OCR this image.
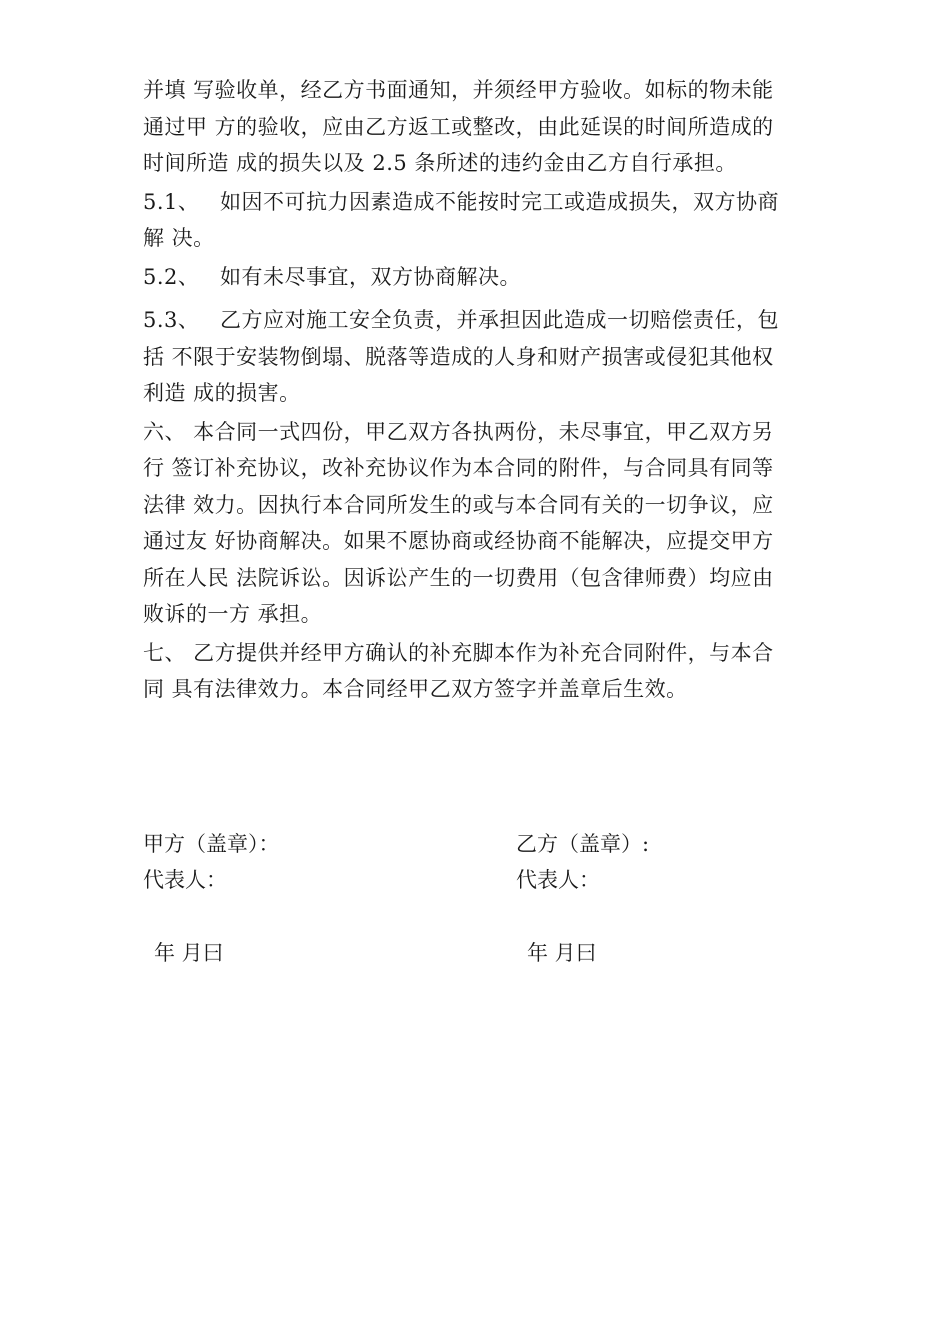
并填 写验收单，经乙方书面通知，并须经甲方验收。如标的物未能
通过甲 方的验收，应由乙方返工或整改，由此延误的时间所造成的
时间所造 成的损失以及 2.5 条所述的违约金由乙方自行承担。

5.1、 如因不可抗力因素造成不能按时完工或造成损失，双方协商
解 决。

5.2、 如有未尽事宜，双方协商解决。

5.3、 乙方应对施工安全负责，并承担因此造成一切赔偿责任，包
括 不限于安装物倒塌、脱落等造成的人身和财产损害或侵犯其他权
利造 成的损害。

六、 本合同一式四份，甲乙双方各执两份，未尽事宜，甲乙双方另
行 签订补充协议，改补充协议作为本合同的附件，与合同具有同等
法律 效力。因执行本合同所发生的或与本合同有关的一切争议，应
通过友 好协商解决。如果不愿协商或经协商不能解决，应提交甲方
所在人民 法院诉讼。因诉讼产生的一切费用（包含律师费）均应由
败诉的一方 承担。

七、 乙方提供并经甲方确认的补充脚本作为补充合同附件，与本合
同 具有法律效力。本合同经甲乙双方签字并盖章后生效。

甲方（盖章）：
代表人：
年 月曰
乙方（盖章）:
代表人：
年 月曰
